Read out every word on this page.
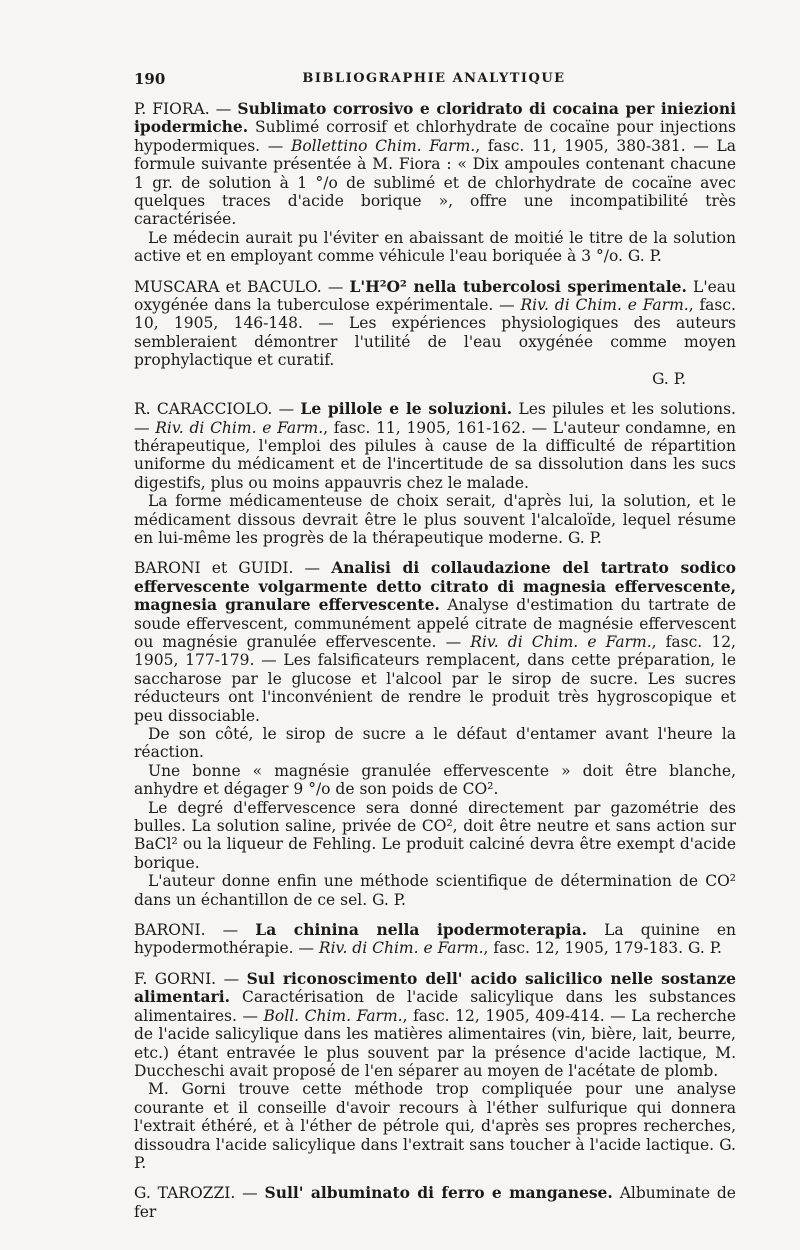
190	BIBLIOGRAPHIE ANALYTIQUE

P. FIORA. — Sublimato corrosivo e cloridrato di cocaina per iniezioni ipodermiche. Sublimé corrosif et chlorhydrate de cocaïne pour injections hypodermiques. — Bollettino Chim. Farm., fasc. 11, 1905, 380-381. — La formule suivante présentée à M. Fiora : « Dix ampoules contenant chacune 1 gr. de solution à 1 °/o de sublimé et de chlorhydrate de cocaïne avec quelques traces d'acide borique », offre une incompatibilité très caractérisée.

Le médecin aurait pu l'éviter en abaissant de moitié le titre de la solution active et en employant comme véhicule l'eau boriquée à 3 °/o. G. P.

MUSCARA et BACULO. — L'H²O² nella tubercolosi sperimentale. L'eau oxygénée dans la tuberculose expérimentale. — Riv. di Chim. e Farm., fasc. 10, 1905, 146-148. — Les expériences physiologiques des auteurs sembleraient démontrer l'utilité de l'eau oxygénée comme moyen prophylactique et curatif.

G. P.

R. CARACCIOLO. — Le pillole e le soluzioni. Les pilules et les solutions. — Riv. di Chim. e Farm., fasc. 11, 1905, 161-162. — L'auteur condamne, en thérapeutique, l'emploi des pilules à cause de la difficulté de répartition uniforme du médicament et de l'incertitude de sa dissolution dans les sucs digestifs, plus ou moins appauvris chez le malade.

La forme médicamenteuse de choix serait, d'après lui, la solution, et le médicament dissous devrait être le plus souvent l'alcaloïde, lequel résume en lui-même les progrès de la thérapeutique moderne. G. P.

BARONI et GUIDI. — Analisi di collaudazione del tartrato sodico effervescente volgarmente detto citrato di magnesia effervescente, magnesia granulare effervescente. Analyse d'estimation du tartrate de soude effervescent, communément appelé citrate de magnésie effervescent ou magnésie granulée effervescente. — Riv. di Chim. e Farm., fasc. 12, 1905, 177-179. — Les falsificateurs remplacent, dans cette préparation, le saccharose par le glucose et l'alcool par le sirop de sucre. Les sucres réducteurs ont l'inconvénient de rendre le produit très hygroscopique et peu dissociable.

De son côté, le sirop de sucre a le défaut d'entamer avant l'heure la réaction.

Une bonne « magnésie granulée effervescente » doit être blanche, anhydre et dégager 9 °/o de son poids de CO².

Le degré d'effervescence sera donné directement par gazométrie des bulles. La solution saline, privée de CO², doit être neutre et sans action sur BaCl² ou la liqueur de Fehling. Le produit calciné devra être exempt d'acide borique.

L'auteur donne enfin une méthode scientifique de détermination de CO² dans un échantillon de ce sel. G. P.

BARONI. — La chinina nella ipodermoterapia. La quinine en hypodermothérapie. — Riv. di Chim. e Farm., fasc. 12, 1905, 179-183. G. P.

F. GORNI. — Sul riconoscimento dell' acido salicilico nelle sostanze alimentari. Caractérisation de l'acide salicylique dans les substances alimentaires. — Boll. Chim. Farm., fasc. 12, 1905, 409-414. — La recherche de l'acide salicylique dans les matières alimentaires (vin, bière, lait, beurre, etc.) étant entravée le plus souvent par la présence d'acide lactique, M. Duccheschi avait proposé de l'en séparer au moyen de l'acétate de plomb.

M. Gorni trouve cette méthode trop compliquée pour une analyse courante et il conseille d'avoir recours à l'éther sulfurique qui donnera l'extrait éthéré, et à l'éther de pétrole qui, d'après ses propres recherches, dissoudra l'acide salicylique dans l'extrait sans toucher à l'acide lactique. G. P.

G. TAROZZI. — Sull' albuminato di ferro e manganese. Albuminate de fer
